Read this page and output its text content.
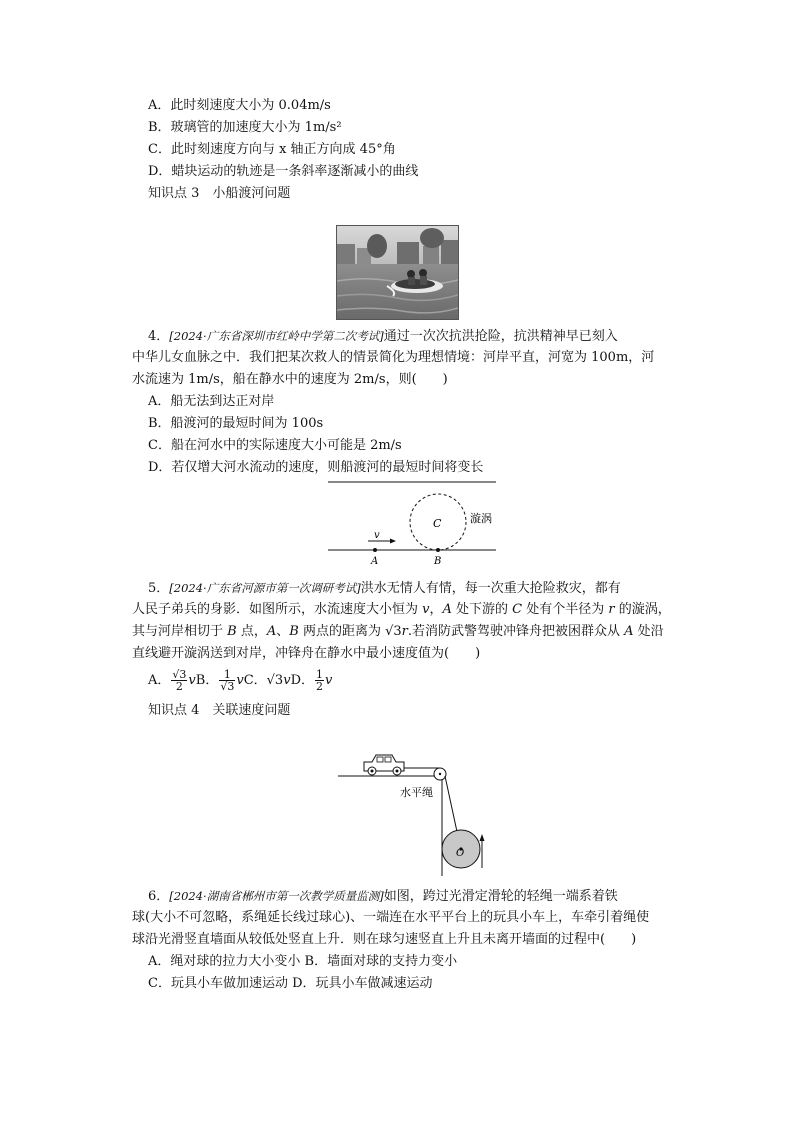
A．此时刻速度大小为 0.04m/s
B．玻璃管的加速度大小为 1m/s²
C．此时刻速度方向与 x 轴正方向成 45°角
D．蜡块运动的轨迹是一条斜率逐渐减小的曲线
知识点 3　小船渡河问题
4．[2024·广东省深圳市红岭中学第二次考试]通过一次次抗洪抢险，抗洪精神早已刻入
中华儿女血脉之中．我们把某次救人的情景简化为理想情境：河岸平直，河宽为 100m，河
水流速为 1m/s，船在静水中的速度为 2m/s，则(　　)
A．船无法到达正对岸
B．船渡河的最短时间为 100s
C．船在河水中的实际速度大小可能是 2m/s
D．若仅增大河水流动的速度，则船渡河的最短时间将变长
v
A	B
C	漩涡
5．[2024·广东省河源市第一次调研考试]洪水无情人有情，每一次重大抢险救灾，都有
人民子弟兵的身影．如图所示，水流速度大小恒为 v，A 处下游的 C 处有个半径为 r 的漩涡，
其与河岸相切于 B 点，A、B 两点的距离为 √3r.若消防武警驾驶冲锋舟把被困群众从 A 处沿
直线避开漩涡送到对岸，冲锋舟在静水中最小速度值为(　　)
A． $\frac{√3}{2}$ vB． $\frac{1}{√3}$ vC．√3vD． $\frac{1}{2}$ v
知识点 4　关联速度问题
O
水平绳
6．[2024·湖南省郴州市第一次教学质量监测]如图，跨过光滑定滑轮的轻绳一端系着铁
球(大小不可忽略，系绳延长线过球心)、一端连在水平平台上的玩具小车上，车牵引着绳使
球沿光滑竖直墙面从较低处竖直上升．则在球匀速竖直上升且未离开墙面的过程中(　　)
A．绳对球的拉力大小变小 B．墙面对球的支持力变小
C．玩具小车做加速运动 D．玩具小车做减速运动
